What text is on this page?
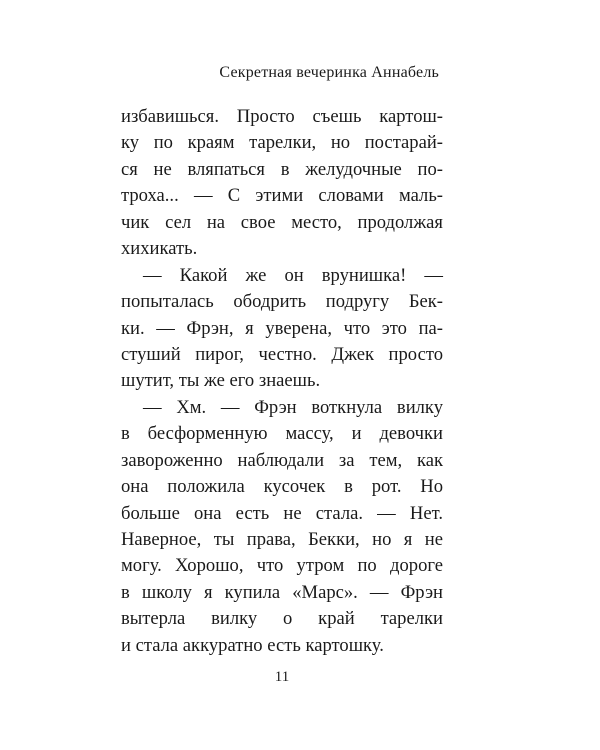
Секретная вечеринка Аннабель
избавишься. Просто съешь картош-
ку по краям тарелки, но постарай-
ся не вляпаться в желудочные по-
троха... — С этими словами маль-
чик сел на свое место, продолжая
хихикать.
— Какой же он врунишка! —
попыталась ободрить подругу Бек-
ки. — Фрэн, я уверена, что это па-
стуший пирог, честно. Джек просто
шутит, ты же его знаешь.
— Хм. — Фрэн воткнула вилку
в бесформенную массу, и девочки
завороженно наблюдали за тем, как
она положила кусочек в рот. Но
больше она есть не стала. — Нет.
Наверное, ты права, Бекки, но я не
могу. Хорошо, что утром по дороге
в школу я купила «Марс». — Фрэн
вытерла вилку о край тарелки
и стала аккуратно есть картошку.
11
